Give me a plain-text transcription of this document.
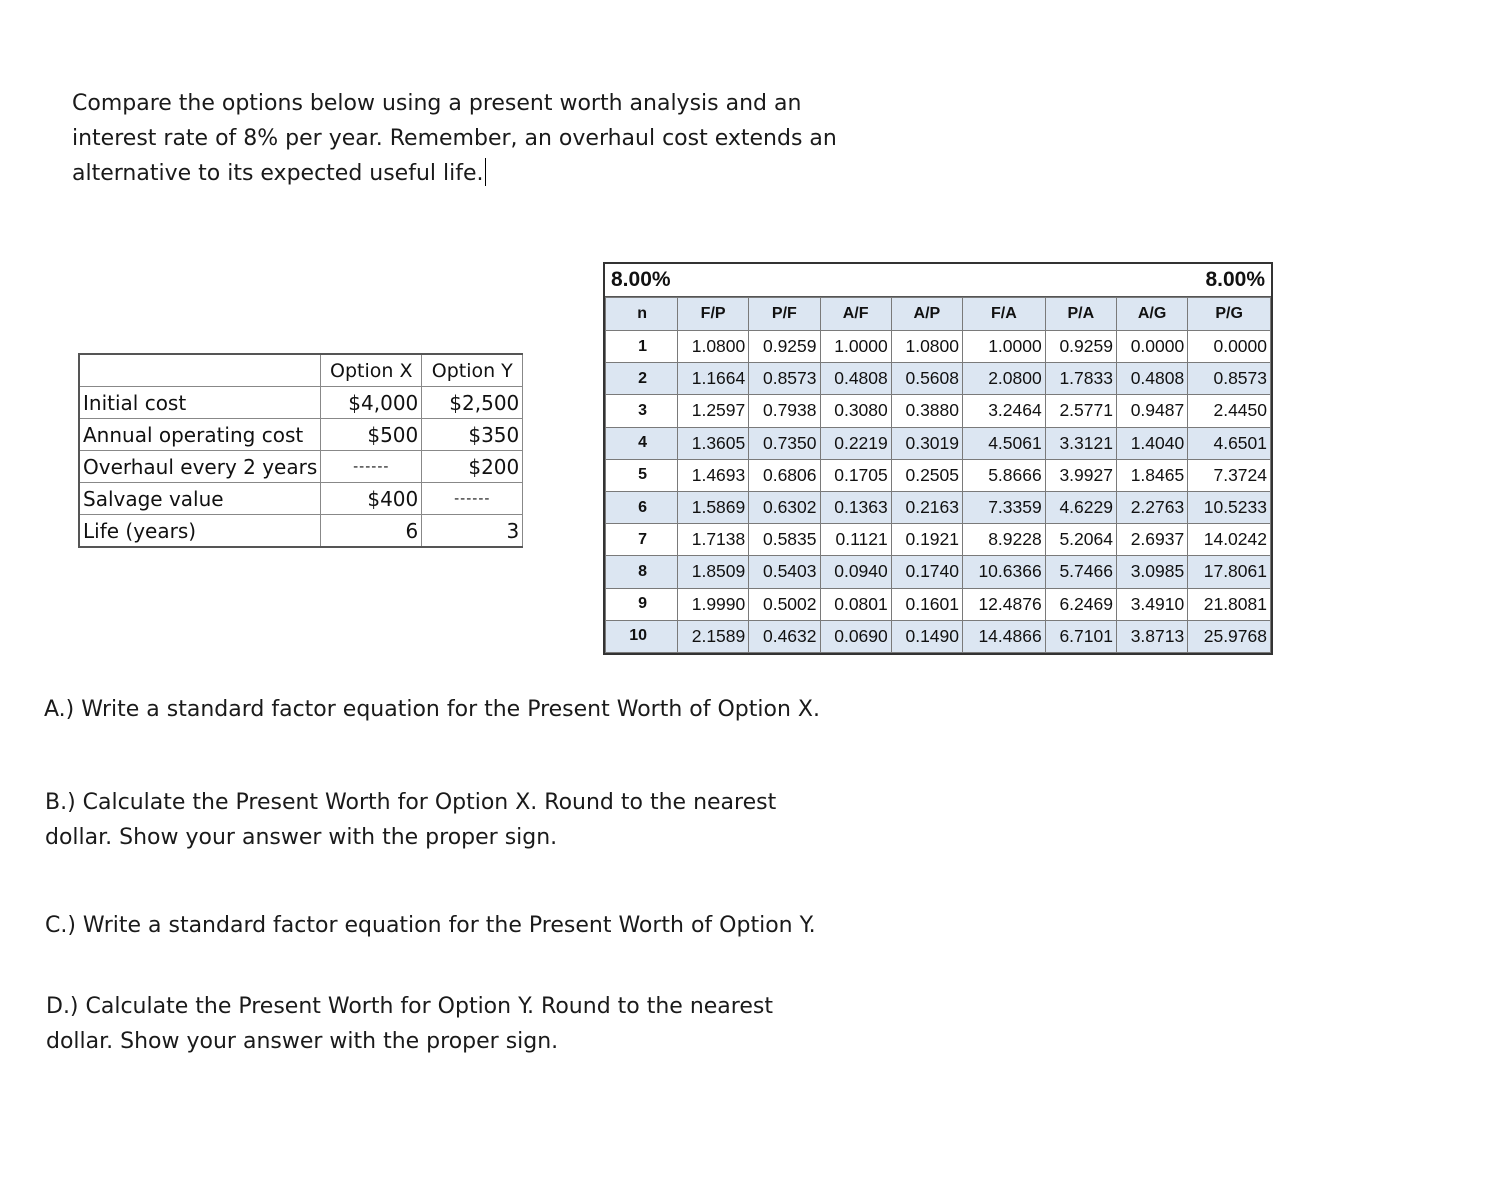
Compare the options below using a present worth analysis and an
interest rate of 8% per year. Remember, an overhaul cost extends an
alternative to its expected useful life.
	Option X	Option Y
Initial cost	$4,000	$2,500
Annual operating cost	$500	$350
Overhaul every 2 years	------	$200
Salvage value	$400	------
Life (years)	6	3
8.00%	8.00%
n	F/P	P/F	A/F	A/P	F/A	P/A	A/G	P/G
1	1.0800	0.9259	1.0000	1.0800	1.0000	0.9259	0.0000	0.0000
2	1.1664	0.8573	0.4808	0.5608	2.0800	1.7833	0.4808	0.8573
3	1.2597	0.7938	0.3080	0.3880	3.2464	2.5771	0.9487	2.4450
4	1.3605	0.7350	0.2219	0.3019	4.5061	3.3121	1.4040	4.6501
5	1.4693	0.6806	0.1705	0.2505	5.8666	3.9927	1.8465	7.3724
6	1.5869	0.6302	0.1363	0.2163	7.3359	4.6229	2.2763	10.5233
7	1.7138	0.5835	0.1121	0.1921	8.9228	5.2064	2.6937	14.0242
8	1.8509	0.5403	0.0940	0.1740	10.6366	5.7466	3.0985	17.8061
9	1.9990	0.5002	0.0801	0.1601	12.4876	6.2469	3.4910	21.8081
10	2.1589	0.4632	0.0690	0.1490	14.4866	6.7101	3.8713	25.9768
A.) Write a standard factor equation for the Present Worth of Option X.
B.) Calculate the Present Worth for Option X. Round to the nearest
dollar. Show your answer with the proper sign.
C.) Write a standard factor equation for the Present Worth of Option Y.
D.) Calculate the Present Worth for Option Y. Round to the nearest
dollar. Show your answer with the proper sign.
